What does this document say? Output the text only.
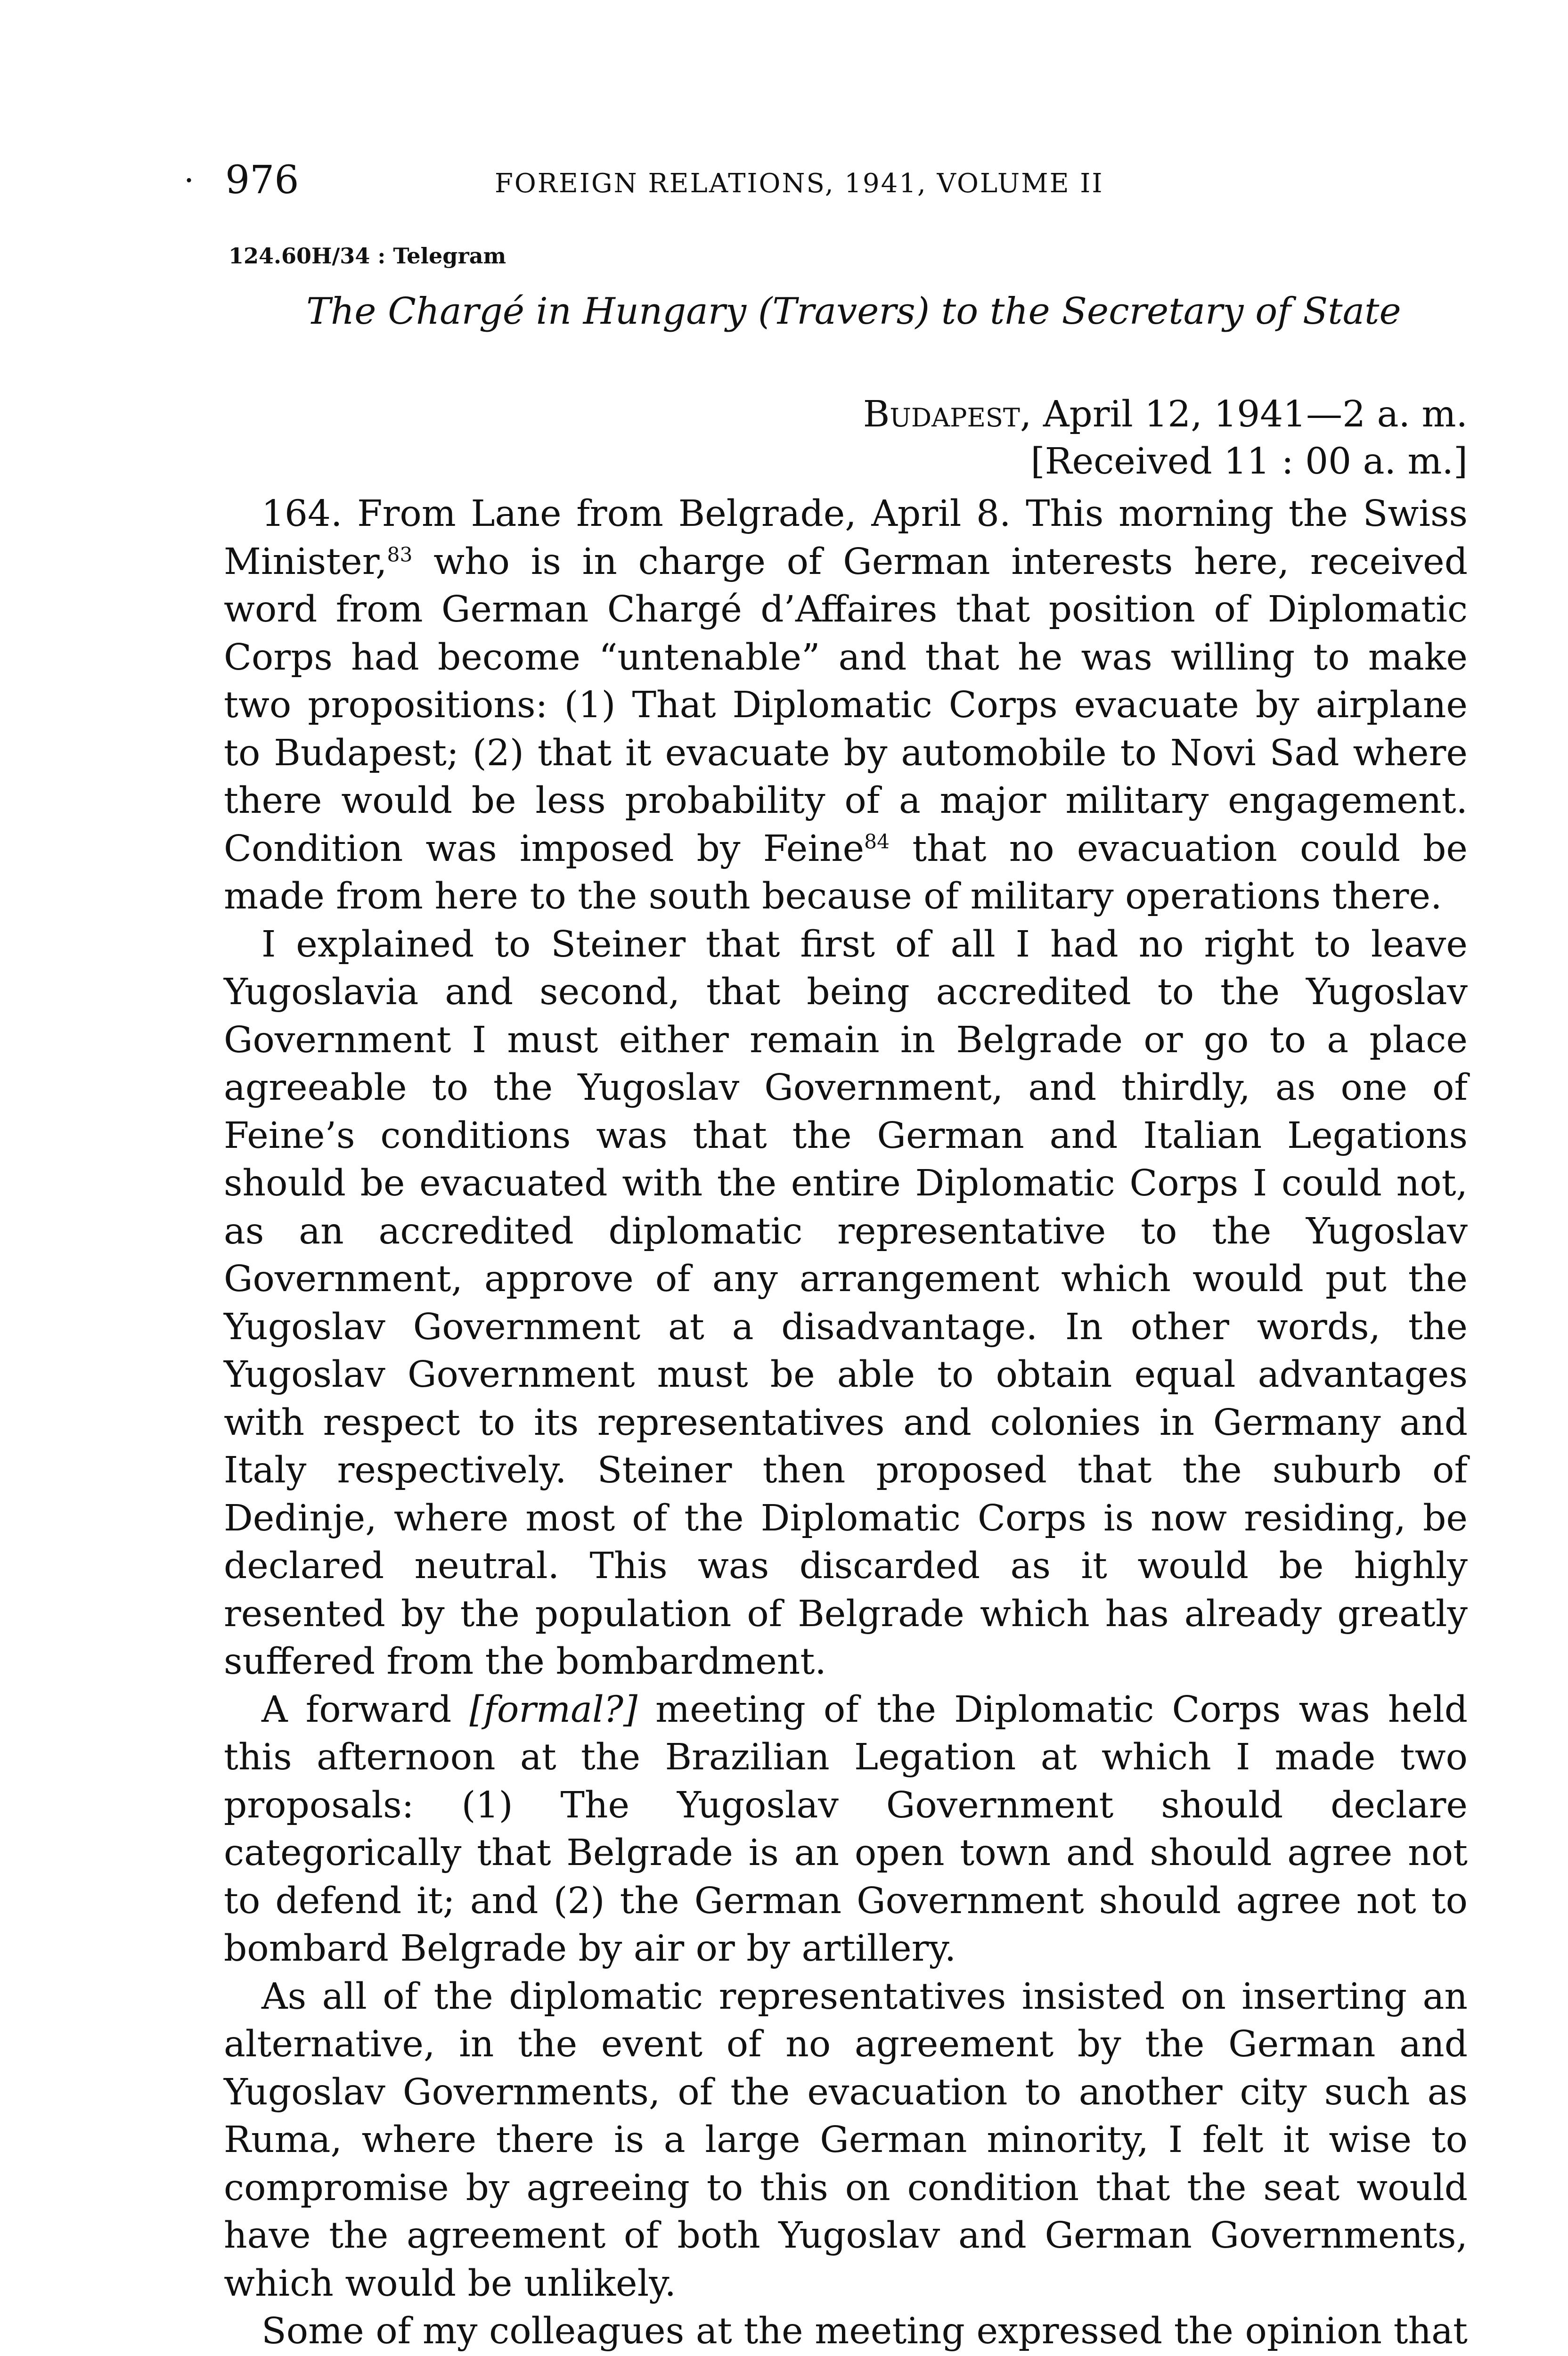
· 976	FOREIGN RELATIONS, 1941, VOLUME II
124.60H/34 : Telegram
The Chargé in Hungary (Travers) to the Secretary of State
Budapest, April 12, 1941—2 a. m.
[Received 11 : 00 a. m.]

164. From Lane from Belgrade, April 8. This morning the Swiss Minister,$^{83}$ who is in charge of German interests here, received word from German Chargé d’Affaires that position of Diplomatic Corps had become “untenable” and that he was willing to make two propositions: (1) That Diplomatic Corps evacuate by airplane to Budapest; (2) that it evacuate by automobile to Novi Sad where there would be less probability of a major military engagement. Condition was imposed by Feine$^{84}$ that no evacuation could be made from here to the south because of military operations there.

I explained to Steiner that first of all I had no right to leave Yugoslavia and second, that being accredited to the Yugoslav Government I must either remain in Belgrade or go to a place agreeable to the Yugoslav Government, and thirdly, as one of Feine’s conditions was that the German and Italian Legations should be evacuated with the entire Diplomatic Corps I could not, as an accredited diplomatic representative to the Yugoslav Government, approve of any arrangement which would put the Yugoslav Government at a disadvantage. In other words, the Yugoslav Government must be able to obtain equal advantages with respect to its representatives and colonies in Germany and Italy respectively. Steiner then proposed that the suburb of Dedinje, where most of the Diplomatic Corps is now residing, be declared neutral. This was discarded as it would be highly resented by the population of Belgrade which has already greatly suffered from the bombardment.

A forward [formal?] meeting of the Diplomatic Corps was held this afternoon at the Brazilian Legation at which I made two proposals: (1) The Yugoslav Government should declare categorically that Belgrade is an open town and should agree not to defend it; and (2) the German Government should agree not to bombard Belgrade by air or by artillery.

As all of the diplomatic representatives insisted on inserting an alternative, in the event of no agreement by the German and Yugoslav Governments, of the evacuation to another city such as Ruma, where there is a large German minority, I felt it wise to compromise by agreeing to this on condition that the seat would have the agreement of both Yugoslav and German Governments, which would be unlikely.

Some of my colleagues at the meeting expressed the opinion that
